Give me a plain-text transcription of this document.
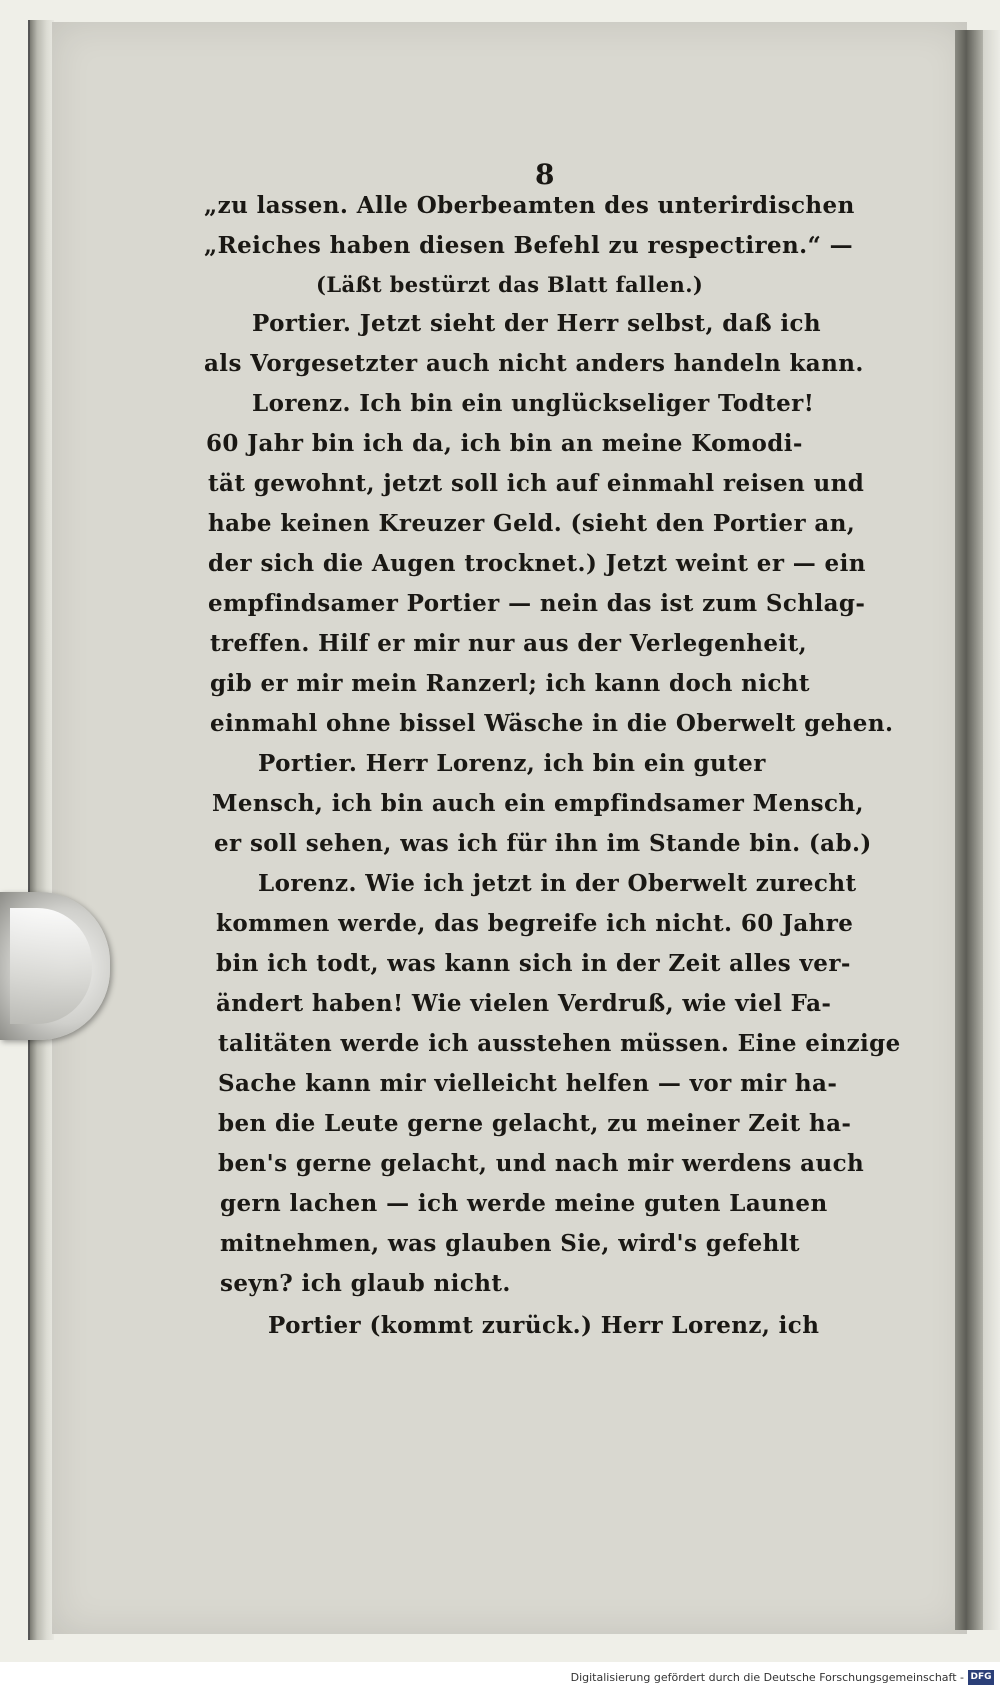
8
„zu lassen. Alle Oberbeamten des unterirdischen
„Reiches haben diesen Befehl zu respectiren.“ —
(Läßt bestürzt das Blatt fallen.)
Portier. Jetzt sieht der Herr selbst, daß ich
als Vorgesetzter auch nicht anders handeln kann.
Lorenz. Ich bin ein unglückseliger Todter!
60 Jahr bin ich da, ich bin an meine Komodi-
tät gewohnt, jetzt soll ich auf einmahl reisen und
habe keinen Kreuzer Geld. (sieht den Portier an,
der sich die Augen trocknet.) Jetzt weint er — ein
empfindsamer Portier — nein das ist zum Schlag-
treffen. Hilf er mir nur aus der Verlegenheit,
gib er mir mein Ranzerl; ich kann doch nicht
einmahl ohne bissel Wäsche in die Oberwelt gehen.
Portier. Herr Lorenz, ich bin ein guter
Mensch, ich bin auch ein empfindsamer Mensch,
er soll sehen, was ich für ihn im Stande bin. (ab.)
Lorenz. Wie ich jetzt in der Oberwelt zurecht
kommen werde, das begreife ich nicht. 60 Jahre
bin ich todt, was kann sich in der Zeit alles ver-
ändert haben! Wie vielen Verdruß, wie viel Fa-
talitäten werde ich ausstehen müssen. Eine einzige
Sache kann mir vielleicht helfen — vor mir ha-
ben die Leute gerne gelacht, zu meiner Zeit ha-
ben's gerne gelacht, und nach mir werdens auch
gern lachen — ich werde meine guten Launen
mitnehmen, was glauben Sie, wird's gefehlt
seyn? ich glaub nicht.
Portier (kommt zurück.) Herr Lorenz, ich
Digitalisierung gefördert durch die Deutsche Forschungsgemeinschaft - DFG
